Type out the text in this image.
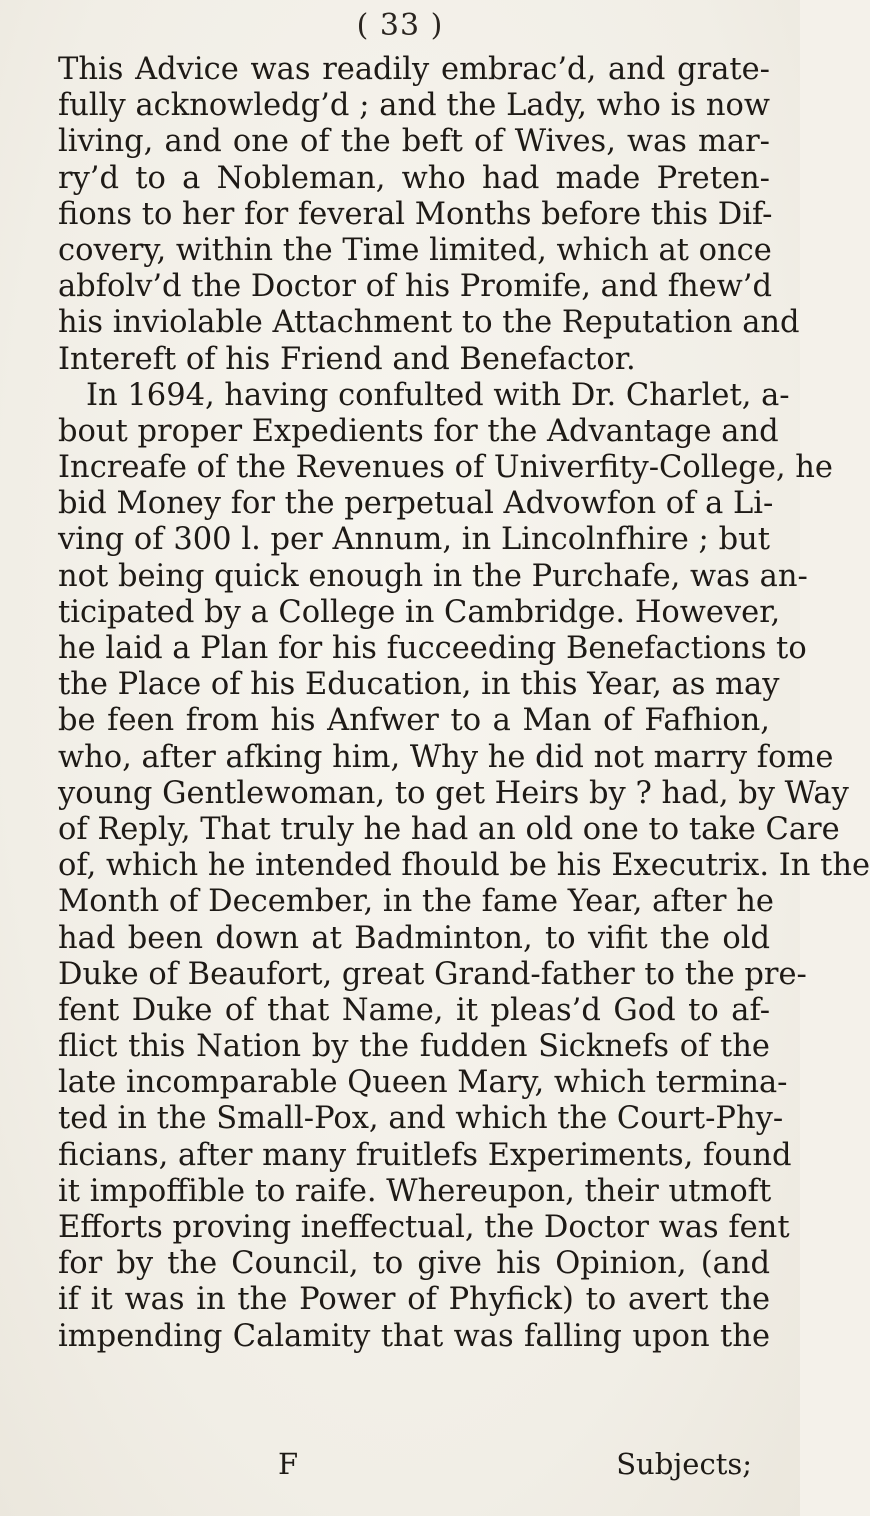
( 33 )
This Advice was readily embrac’d, and grate-
fully acknowledg’d ; and the Lady, who is now
living, and one of the beft of Wives, was mar-
ry’d to a Nobleman, who had made Preten-
fions to her for feveral Months before this Dif-
covery, within the Time limited, which at once
abfolv’d the Doctor of his Promife, and fhew’d
his inviolable Attachment to the Reputation and
Intereft of his Friend and Benefactor.
In 1694, having confulted with Dr. Charlet, a-
bout proper Expedients for the Advantage and
Increafe of the Revenues of Univerfity-College, he
bid Money for the perpetual Advowfon of a Li-
ving of 300 l. per Annum, in Lincolnfhire ; but
not being quick enough in the Purchafe, was an-
ticipated by a College in Cambridge. However,
he laid a Plan for his fucceeding Benefactions to
the Place of his Education, in this Year, as may
be feen from his Anfwer to a Man of Fafhion,
who, after afking him, Why he did not marry fome
young Gentlewoman, to get Heirs by ? had, by Way
of Reply, That truly he had an old one to take Care
of, which he intended fhould be his Executrix. In the
Month of December, in the fame Year, after he
had been down at Badminton, to vifit the old
Duke of Beaufort, great Grand-father to the pre-
fent Duke of that Name, it pleas’d God to af-
flict this Nation by the fudden Sicknefs of the
late incomparable Queen Mary, which termina-
ted in the Small-Pox, and which the Court-Phy-
ficians, after many fruitlefs Experiments, found
it impoffible to raife. Whereupon, their utmoft
Efforts proving ineffectual, the Doctor was fent
for by the Council, to give his Opinion, (and
if it was in the Power of Phyfick) to avert the
impending Calamity that was falling upon the
F	Subjects;
